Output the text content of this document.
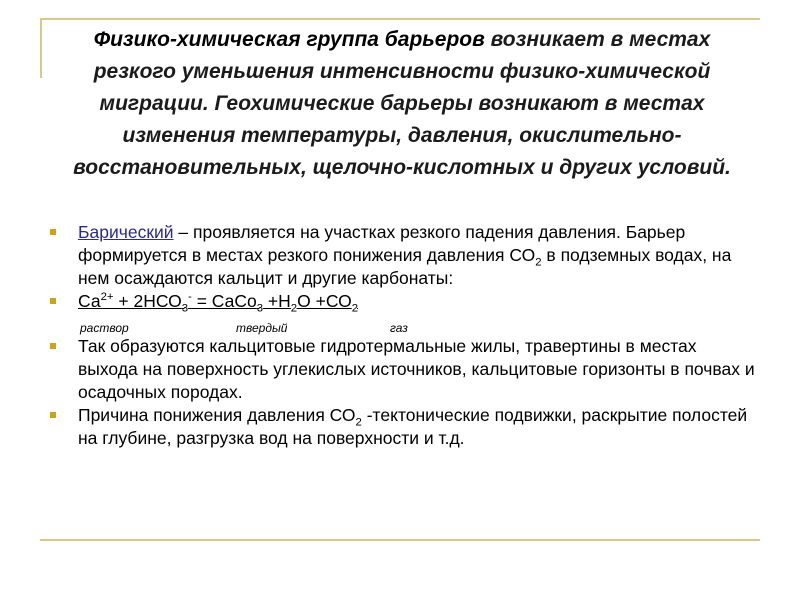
Физико-химическая группа барьеров возникает в местах резкого уменьшения интенсивности физико-химической миграции. Геохимические барьеры возникают в местах изменения температуры, давления, окислительно-восстановительных, щелочно-кислотных и других условий.
Барический – проявляется на участках резкого падения давления. Барьер формируется в местах резкого понижения давления $СО_2$ в подземных водах, на нем осаждаются кальцит и другие карбонаты:
$Са^{2+} + 2НСО_3^-$ = СаСо$_3$ $+Н_2О +СО_2$
раствор	твердый	газ
Так образуются кальцитовые гидротермальные жилы, травертины в местах выхода на поверхность углекислых источников, кальцитовые горизонты в почвах и осадочных породах.
Причина понижения давления $СО_2$ -тектонические подвижки, раскрытие полостей на глубине, разгрузка вод на поверхности и т.д.
